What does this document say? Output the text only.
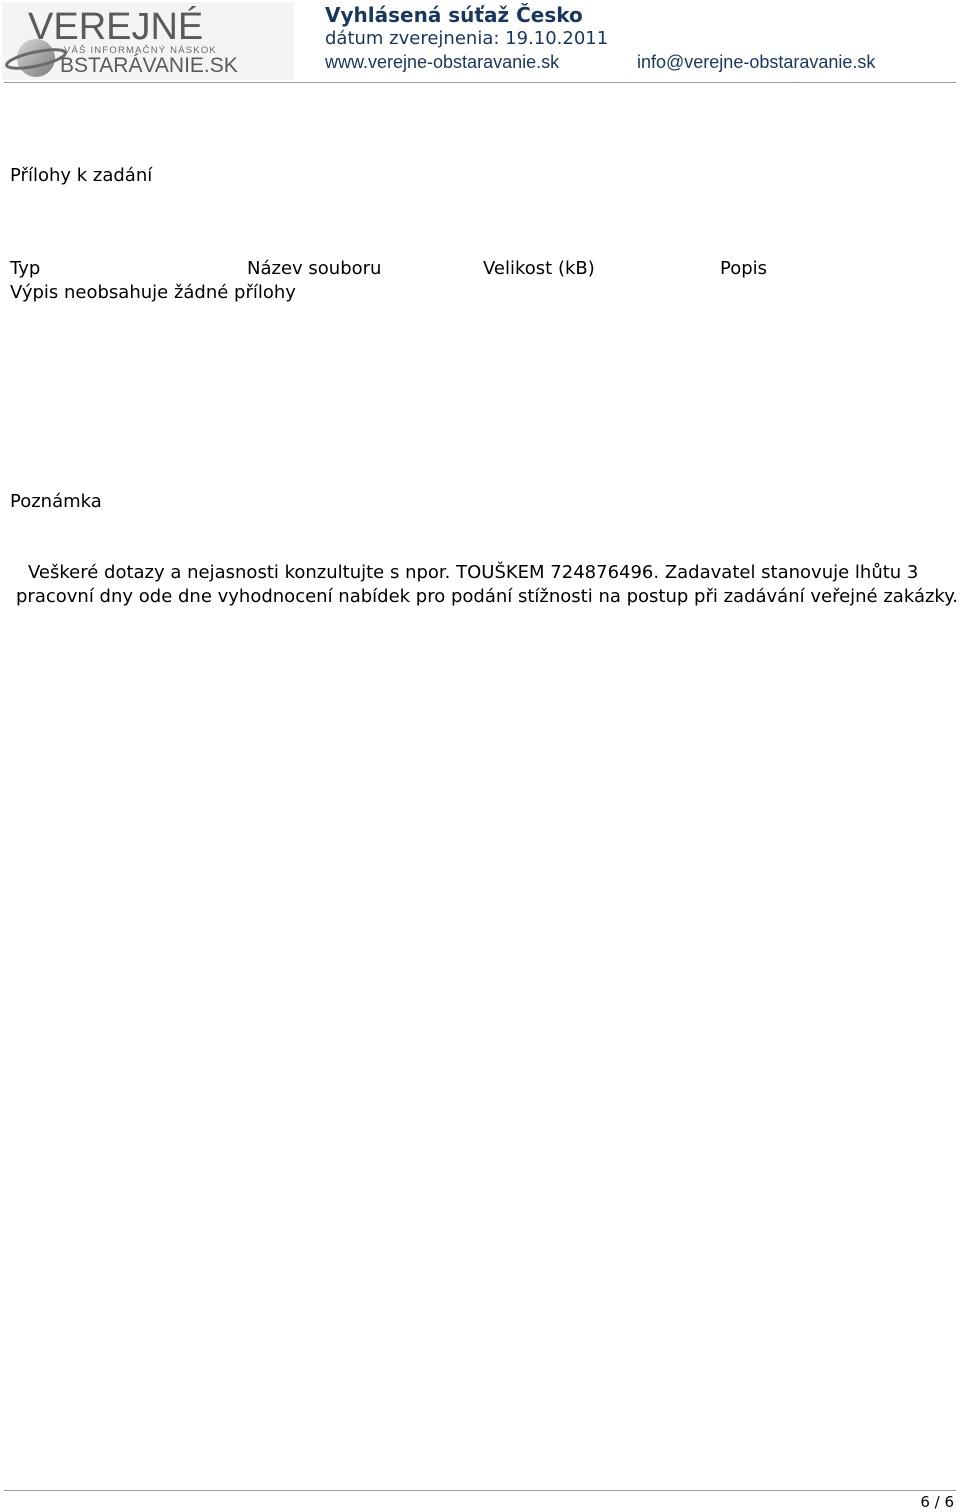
VEREJNÉ
VÁŠ INFORMAČNÝ NÁSKOK
BSTARÁVANIE.SK
Vyhlásená súťaž Česko
dátum zverejnenia: 19.10.2011
www.verejne-obstaravanie.sk	info@verejne-obstaravanie.sk
Přílohy k zadání
Typ	Název souboru	Velikost (kB)	Popis
Výpis neobsahuje žádné přílohy
Poznámka

Veškeré dotazy a nejasnosti konzultujte s npor. TOUŠKEM 724876496. Zadavatel stanovuje lhůtu 3 pracovní dny ode dne vyhodnocení nabídek pro podání stížnosti na postup při zadávání veřejné zakázky.

6 / 6
